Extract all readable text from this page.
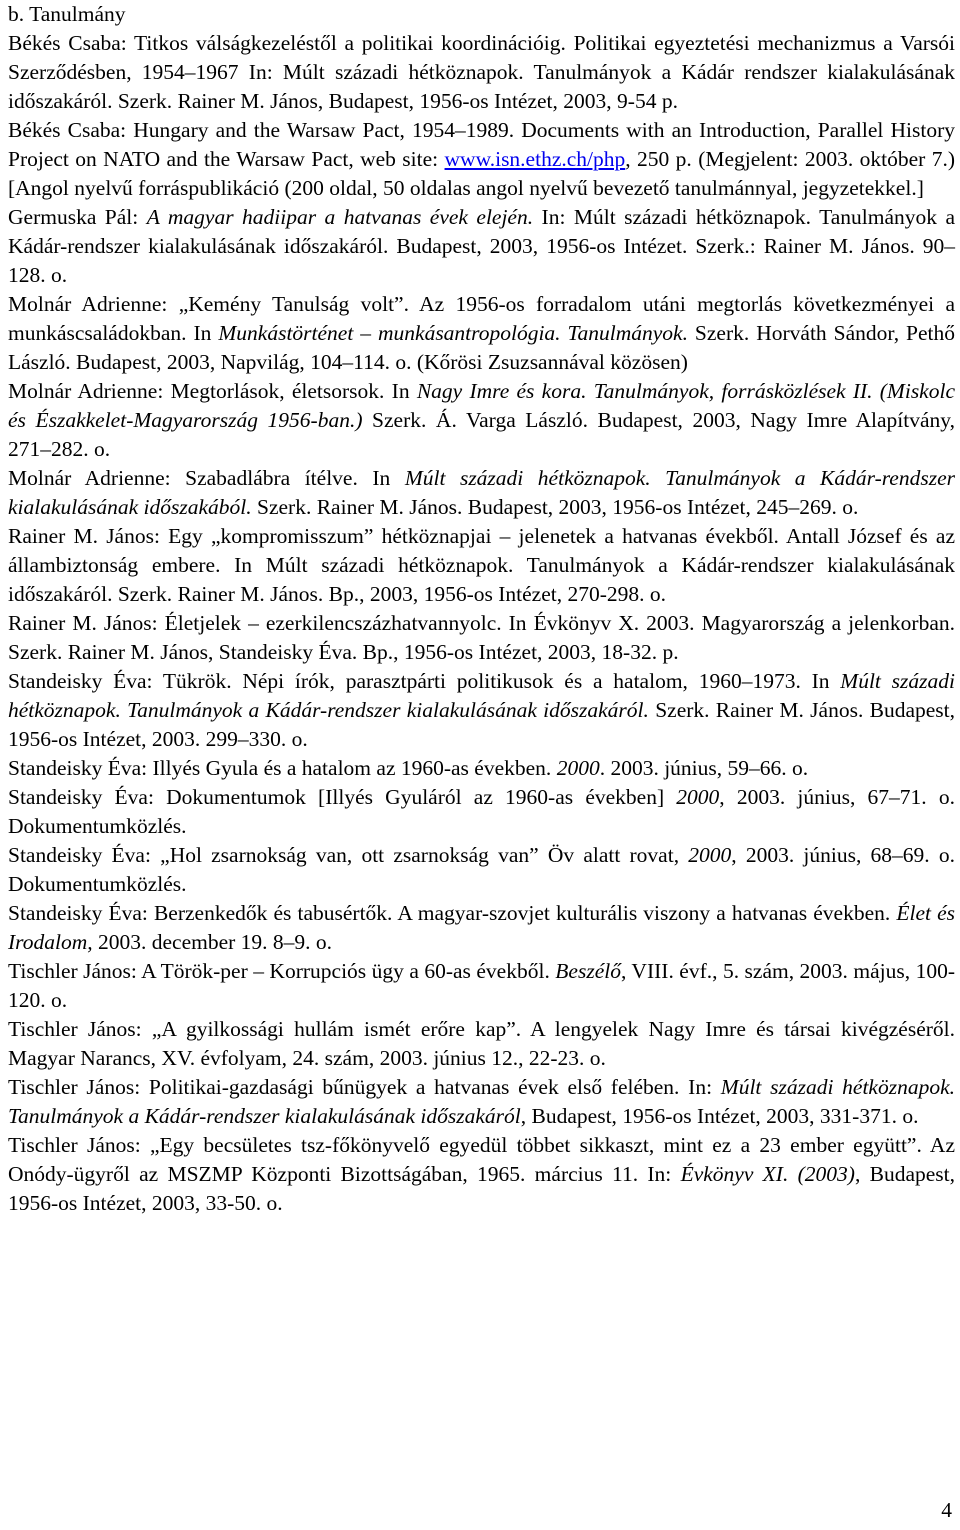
b. Tanulmány

Békés Csaba: Titkos válságkezeléstől a politikai koordinációig. Politikai egyeztetési mechanizmus a Varsói Szerződésben, 1954–1967 In: Múlt századi hétköznapok. Tanulmányok a Kádár rendszer kialakulásának időszakáról. Szerk. Rainer M. János, Budapest, 1956-os Intézet, 2003, 9-54 p.

Békés Csaba: Hungary and the Warsaw Pact, 1954–1989. Documents with an Introduction, Parallel History Project on NATO and the Warsaw Pact, web site: www.isn.ethz.ch/php, 250 p. (Megjelent: 2003. október 7.) [Angol nyelvű forráspublikáció (200 oldal, 50 oldalas angol nyelvű bevezető tanulmánnyal, jegyzetekkel.]

Germuska Pál: A magyar hadiipar a hatvanas évek elején. In: Múlt századi hétköznapok. Tanulmányok a Kádár-rendszer kialakulásának időszakáról. Budapest, 2003, 1956-os Intézet. Szerk.: Rainer M. János. 90–128. o.

Molnár Adrienne: „Kemény Tanulság volt”. Az 1956-os forradalom utáni megtorlás következményei a munkáscsaládokban. In Munkástörténet – munkásantropológia. Tanulmányok. Szerk. Horváth Sándor, Pethő László. Budapest, 2003, Napvilág, 104–114. o. (Kőrösi Zsuzsannával közösen)

Molnár Adrienne: Megtorlások, életsorsok. In Nagy Imre és kora. Tanulmányok, forrásközlések II. (Miskolc és Északkelet-Magyarország 1956-ban.) Szerk. Á. Varga László. Budapest, 2003, Nagy Imre Alapítvány, 271–282. o.

Molnár Adrienne: Szabadlábra ítélve. In Múlt századi hétköznapok. Tanulmányok a Kádár-rendszer kialakulásának időszakából. Szerk. Rainer M. János. Budapest, 2003, 1956-os Intézet, 245–269. o.

Rainer M. János: Egy „kompromisszum” hétköznapjai – jelenetek a hatvanas évekből. Antall József és az állambiztonság embere. In Múlt századi hétköznapok. Tanulmányok a Kádár-rendszer kialakulásának időszakáról. Szerk. Rainer M. János. Bp., 2003, 1956-os Intézet, 270-298. o.

Rainer M. János: Életjelek – ezerkilencszázhatvannyolc. In Évkönyv X. 2003. Magyarország a jelenkorban. Szerk. Rainer M. János, Standeisky Éva. Bp., 1956-os Intézet, 2003, 18-32. p.

Standeisky Éva: Tükrök. Népi írók, parasztpárti politikusok és a hatalom, 1960–1973. In Múlt századi hétköznapok. Tanulmányok a Kádár-rendszer kialakulásának időszakáról. Szerk. Rainer M. János. Budapest, 1956-os Intézet, 2003. 299–330. o.

Standeisky Éva: Illyés Gyula és a hatalom az 1960-as években. 2000. 2003. június, 59–66. o.

Standeisky Éva: Dokumentumok [Illyés Gyuláról az 1960-as években] 2000, 2003. június, 67–71. o. Dokumentumközlés.

Standeisky Éva: „Hol zsarnokság van, ott zsarnokság van” Öv alatt rovat, 2000, 2003. június, 68–69. o. Dokumentumközlés.

Standeisky Éva: Berzenkedők és tabusértők. A magyar-szovjet kulturális viszony a hatvanas években. Élet és Irodalom, 2003. december 19. 8–9. o.

Tischler János: A Török-per – Korrupciós ügy a 60-as évekből. Beszélő, VIII. évf., 5. szám, 2003. május, 100-120. o.

Tischler János: „A gyilkossági hullám ismét erőre kap”. A lengyelek Nagy Imre és társai kivégzéséről. Magyar Narancs, XV. évfolyam, 24. szám, 2003. június 12., 22-23. o.

Tischler János: Politikai-gazdasági bűnügyek a hatvanas évek első felében. In: Múlt századi hétköznapok. Tanulmányok a Kádár-rendszer kialakulásának időszakáról, Budapest, 1956-os Intézet, 2003, 331-371. o.

Tischler János: „Egy becsületes tsz-főkönyvelő egyedül többet sikkaszt, mint ez a 23 ember együtt”. Az Onódy-ügyről az MSZMP Központi Bizottságában, 1965. március 11. In: Évkönyv XI. (2003), Budapest, 1956-os Intézet, 2003, 33-50. o.

4
